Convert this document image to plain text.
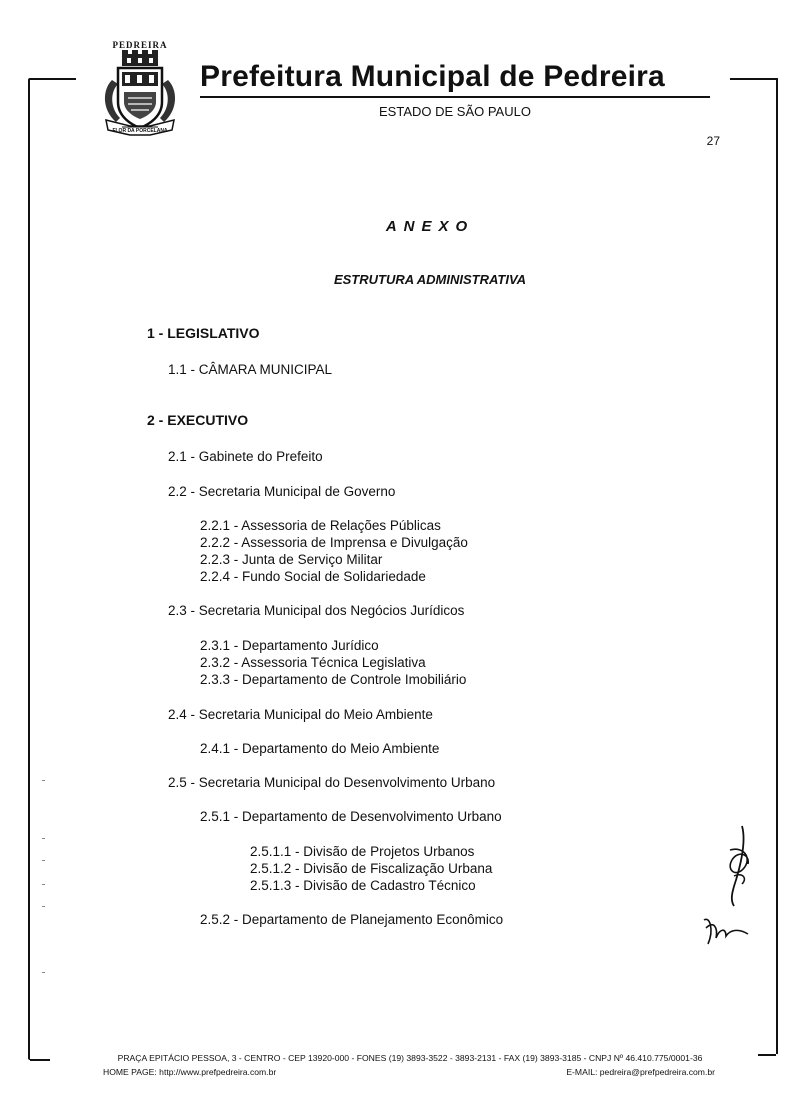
PEDREIRA
FLOR DA PORCELANA
Prefeitura Municipal de Pedreira
ESTADO DE SÃO PAULO
27
ANEXO
ESTRUTURA ADMINISTRATIVA
1 - LEGISLATIVO
1.1 - CÂMARA MUNICIPAL
2 - EXECUTIVO
2.1 - Gabinete do Prefeito
2.2 - Secretaria Municipal de Governo
2.2.1 - Assessoria de Relações Públicas
2.2.2 - Assessoria de Imprensa e Divulgação
2.2.3 - Junta de Serviço Militar
2.2.4 - Fundo Social de Solidariedade
2.3 - Secretaria Municipal dos Negócios Jurídicos
2.3.1 - Departamento Jurídico
2.3.2 - Assessoria Técnica Legislativa
2.3.3 - Departamento de Controle Imobiliário
2.4 - Secretaria Municipal do Meio Ambiente
2.4.1 - Departamento do Meio Ambiente
2.5 - Secretaria Municipal do Desenvolvimento Urbano
2.5.1 - Departamento de Desenvolvimento Urbano
2.5.1.1 - Divisão de Projetos Urbanos
2.5.1.2 - Divisão de Fiscalização Urbana
2.5.1.3 - Divisão de Cadastro Técnico
2.5.2 - Departamento de Planejamento Econômico
PRAÇA EPITÁCIO PESSOA, 3 - CENTRO - CEP 13920-000 - FONES (19) 3893-3522 - 3893-2131 - FAX (19) 3893-3185 - CNPJ Nº 46.410.775/0001-36
HOME PAGE: http://www.prefpedreira.com.br	E-MAIL: pedreira@prefpedreira.com.br
